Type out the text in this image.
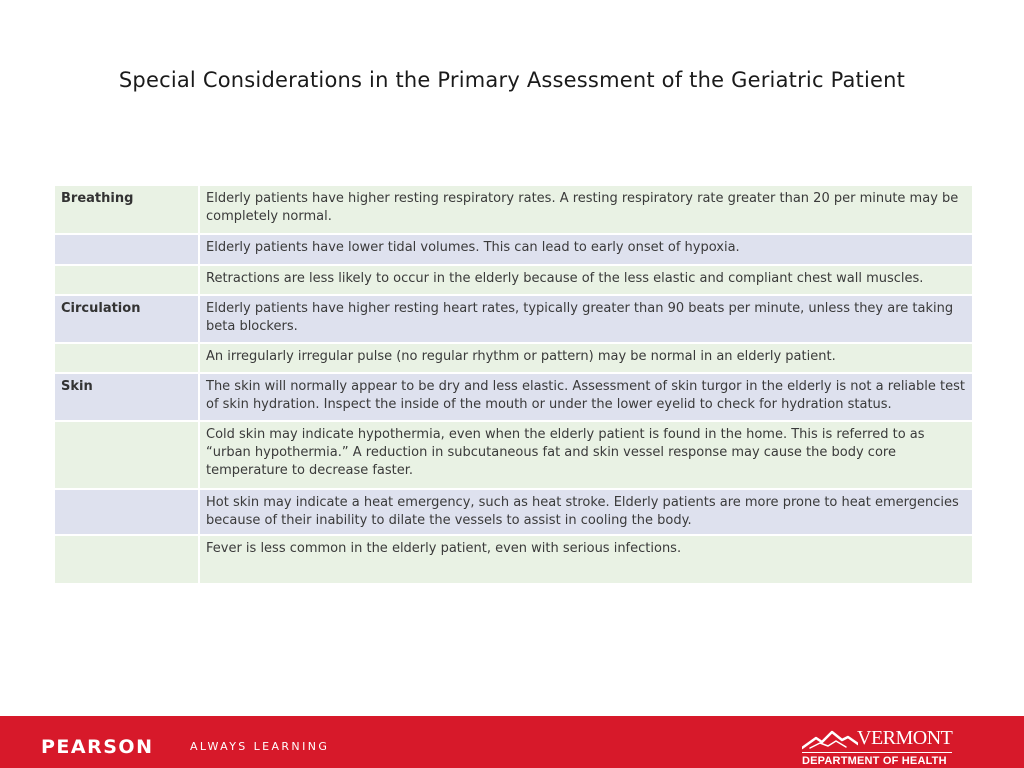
Special Considerations in the Primary Assessment of the Geriatric Patient
Breathing	Elderly patients have higher resting respiratory rates. A resting respiratory rate greater than 20 per minute may be completely normal.
	Elderly patients have lower tidal volumes. This can lead to early onset of hypoxia.
	Retractions are less likely to occur in the elderly because of the less elastic and compliant chest wall muscles.
Circulation	Elderly patients have higher resting heart rates, typically greater than 90 beats per minute, unless they are taking beta blockers.
	An irregularly irregular pulse (no regular rhythm or pattern) may be normal in an elderly patient.
Skin	The skin will normally appear to be dry and less elastic. Assessment of skin turgor in the elderly is not a reliable test of skin hydration. Inspect the inside of the mouth or under the lower eyelid to check for hydration status.
	Cold skin may indicate hypothermia, even when the elderly patient is found in the home. This is referred to as “urban hypothermia.” A reduction in subcutaneous fat and skin vessel response may cause the body core temperature to decrease faster.
	Hot skin may indicate a heat emergency, such as heat stroke. Elderly patients are more prone to heat emergencies because of their inability to dilate the vessels to assist in cooling the body.
	Fever is less common in the elderly patient, even with serious infections.
PEARSON	ALWAYS LEARNING	VERMONT
DEPARTMENT OF HEALTH
